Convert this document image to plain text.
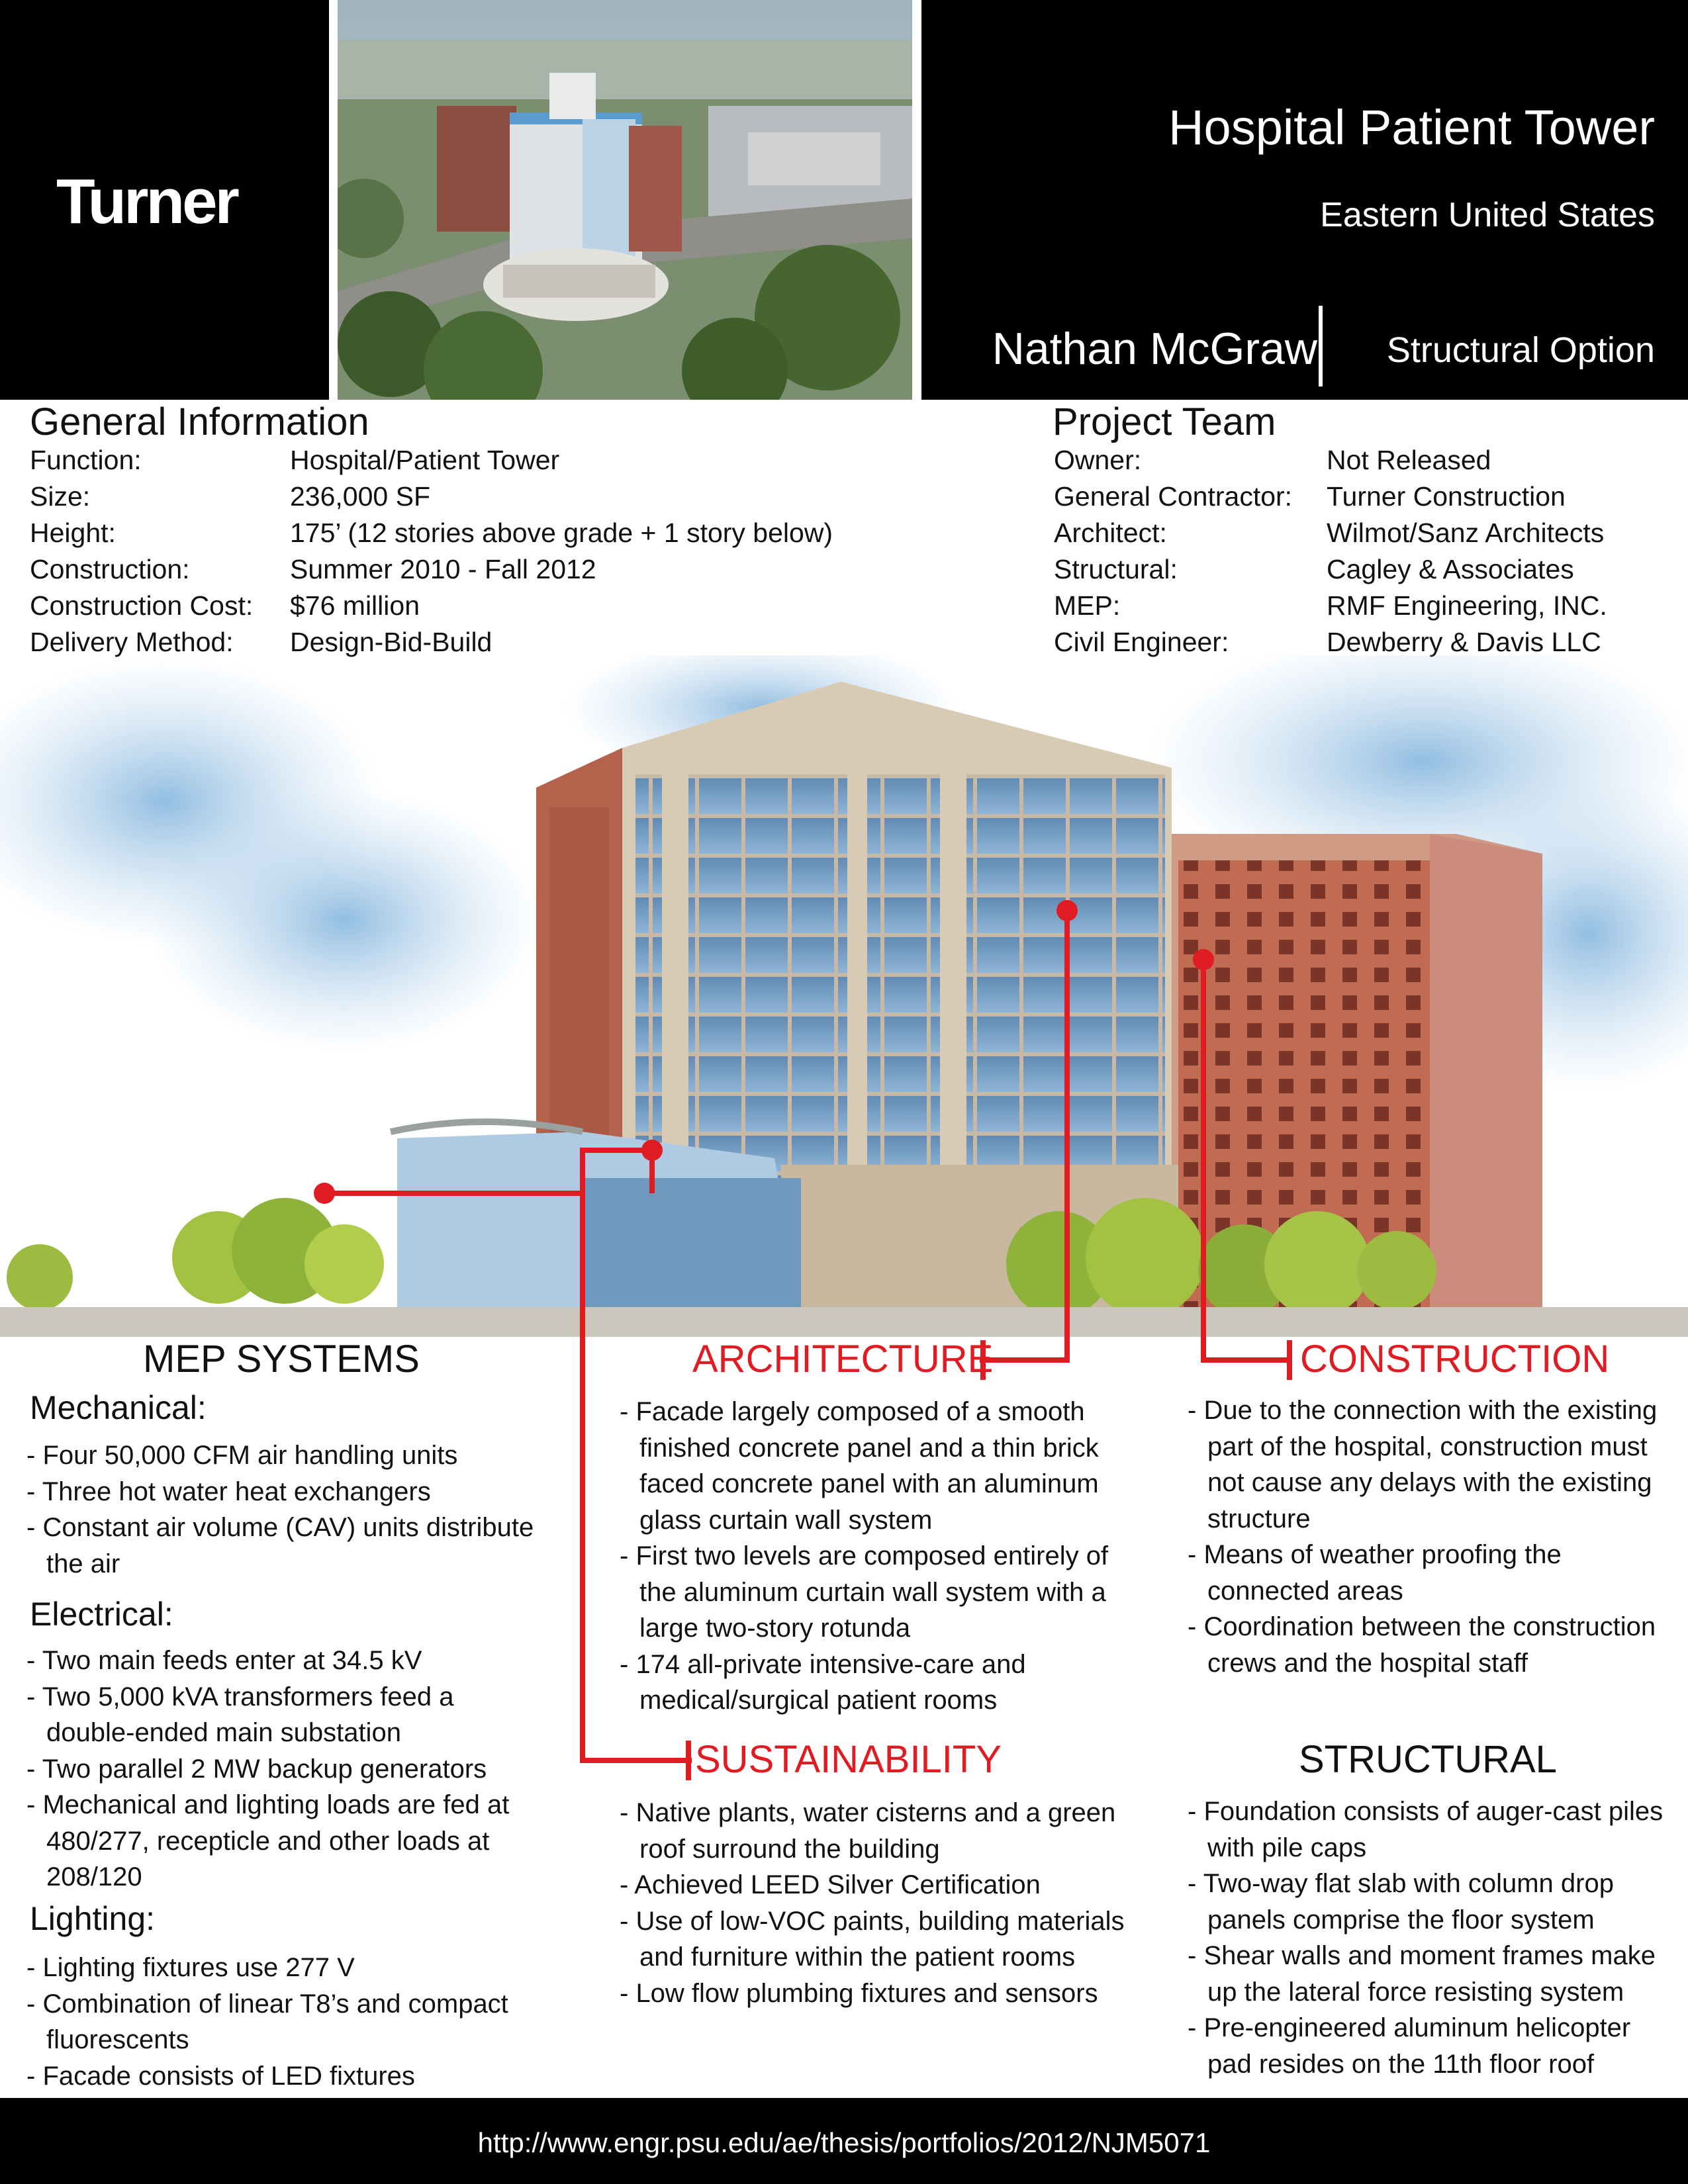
Turner
Hospital Patient Tower
Eastern United States
Nathan McGraw Structural Option
General Information
Function:	Hospital/Patient Tower
Size:	236,000 SF
Height:	175’ (12 stories above grade + 1 story below)
Construction:	Summer 2010 - Fall 2012
Construction Cost: $76 million
Delivery Method: Design-Bid-Build
Project Team
Owner:	Not Released
General Contractor: Turner Construction
Architect:	Wilmot/Sanz Architects
Structural:	Cagley & Associates
MEP:	RMF Engineering, INC.
Civil Engineer:	Dewberry & Davis LLC
MEP SYSTEMS
Mechanical:
- Four 50,000 CFM air handling units
- Three hot water heat exchangers
- Constant air volume (CAV) units distribute the air
Electrical:
- Two main feeds enter at 34.5 kV
- Two 5,000 kVA transformers feed a double-ended main substation
- Two parallel 2 MW backup generators
- Mechanical and lighting loads are fed at 480/277, recepticle and other loads at 208/120
Lighting:
- Lighting fixtures use 277 V
- Combination of linear T8’s and compact fluorescents
- Facade consists of LED fixtures
ARCHITECTURE
- Facade largely composed of a smooth finished concrete panel and a thin brick faced concrete panel with an aluminum glass curtain wall system
- First two levels are composed entirely of the aluminum curtain wall system with a large two-story rotunda
- 174 all-private intensive-care and medical/surgical patient rooms
SUSTAINABILITY
- Native plants, water cisterns and a green roof surround the building
- Achieved LEED Silver Certification
- Use of low-VOC paints, building materials and furniture within the patient rooms
- Low flow plumbing fixtures and sensors
CONSTRUCTION
- Due to the connection with the existing part of the hospital, construction must not cause any delays with the existing structure
- Means of weather proofing the connected areas
- Coordination between the construction crews and the hospital staff
STRUCTURAL
- Foundation consists of auger-cast piles with pile caps
- Two-way flat slab with column drop panels comprise the floor system
- Shear walls and moment frames make up the lateral force resisting system
- Pre-engineered aluminum helicopter pad resides on the 11th floor roof
http://www.engr.psu.edu/ae/thesis/portfolios/2012/NJM5071
